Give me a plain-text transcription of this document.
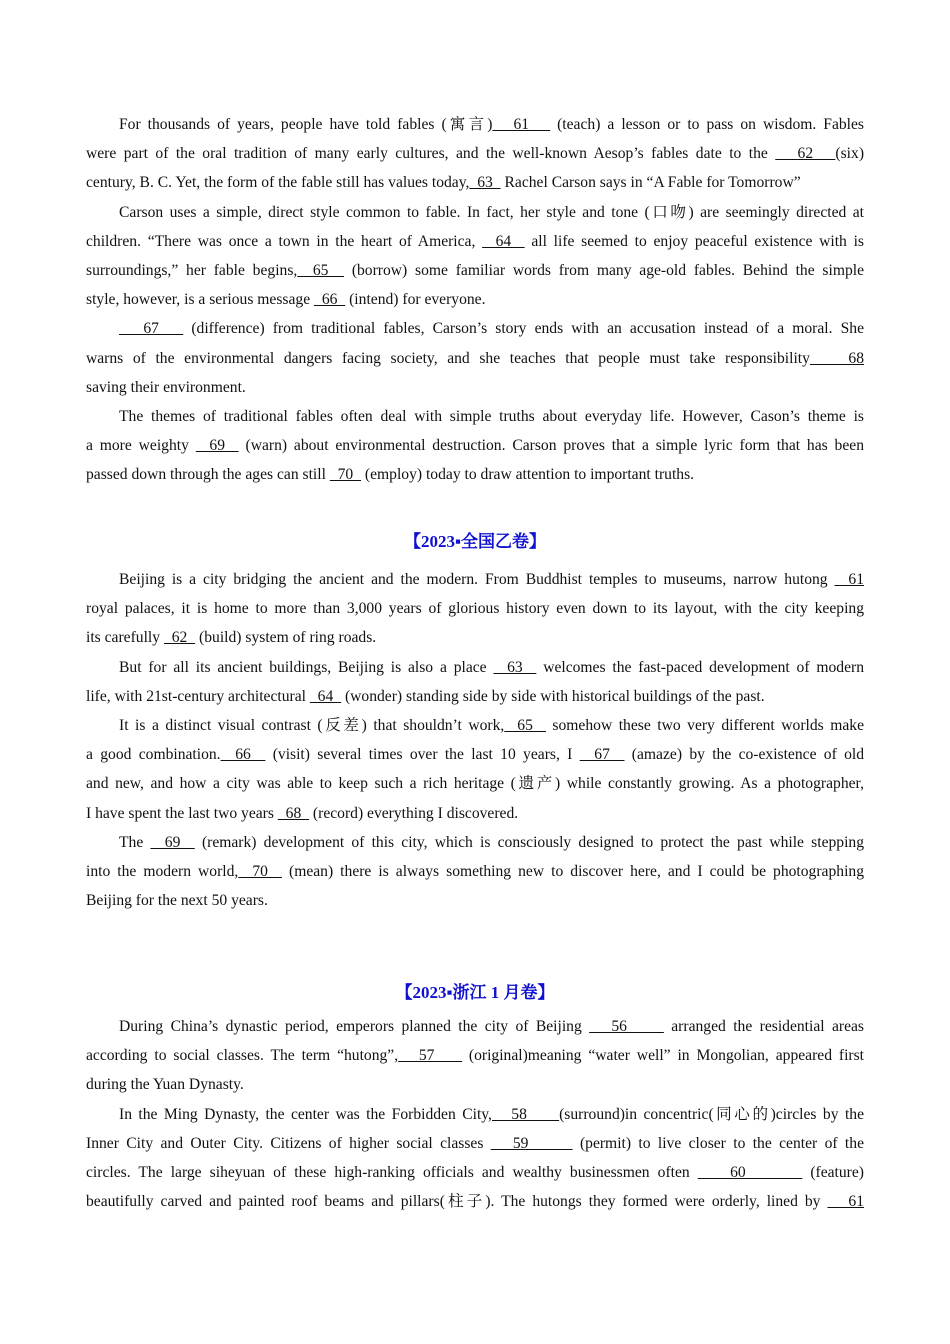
For thousands of years, people have told fables (寓言)   61    (teach) a lesson or to pass on wisdom. Fables
were part of the oral tradition of many early cultures, and the well-known Aesop’s fables date to the    62   (six)
century, B. C. Yet, the form of the fable still has values today,  63   Rachel Carson says in “A Fable for Tomorrow”
Carson uses a simple, direct style common to fable. In fact, her style and tone (口吻) are seemingly directed at
children. “There was once a town in the heart of America,   64   all life seemed to enjoy peaceful existence with is
surroundings,” her fable begins,  65   (borrow) some familiar words from many age-old fables. Behind the simple
style, however, is a serious message   66   (intend) for everyone.
67    (difference) from traditional fables, Carson’s story ends with an accusation instead of a moral. She
warns of the environmental dangers facing society, and she teaches that people must take responsibility    68
saving their environment.
The themes of traditional fables often deal with simple truths about everyday life. However, Cason’s theme is
a more weighty   69   (warn) about environmental destruction. Carson proves that a simple lyric form that has been
passed down through the ages can still   70   (employ) today to draw attention to important truths.
【2023▪全国乙卷】
Beijing is a city bridging the ancient and the modern. From Buddhist temples to museums, narrow hutong   61
royal palaces, it is home to more than 3,000 years of glorious history even down to its layout, with the city keeping
its carefully   62   (build) system of ring roads.
But for all its ancient buildings, Beijing is also a place   63   welcomes the fast-paced development of modern
life, with 21st-century architectural   64   (wonder) standing side by side with historical buildings of the past.
It is a distinct visual contrast (反差) that shouldn’t work,  65   somehow these two very different worlds make
a good combination.  66   (visit) several times over the last 10 years, I   67   (amaze) by the co-existence of old
and new, and how a city was able to keep such a rich heritage (遗产) while constantly growing. As a photographer,
I have spent the last two years   68   (record) everything I discovered.
The   69   (remark) development of this city, which is consciously designed to protect the past while stepping
into the modern world,  70   (mean) there is always something new to discover here, and I could be photographing
Beijing for the next 50 years.
【2023▪浙江 1 月卷】
During China’s dynastic period, emperors planned the city of Beijing    56      arranged the residential areas
according to social classes. The term “hutong”,   57     (original)meaning “water well” in Mongolian, appeared first
during the Yuan Dynasty.
In the Ming Dynasty, the center was the Forbidden City,   58     (surround)in concentric(同心的)circles by the
Inner City and Outer City. Citizens of higher social classes    59       (permit) to live closer to the center of the
circles. The large siheyuan of these high-ranking officials and wealthy businessmen often     60        (feature)
beautifully carved and painted roof beams and pillars(柱子). The hutongs they formed were orderly, lined by    61
